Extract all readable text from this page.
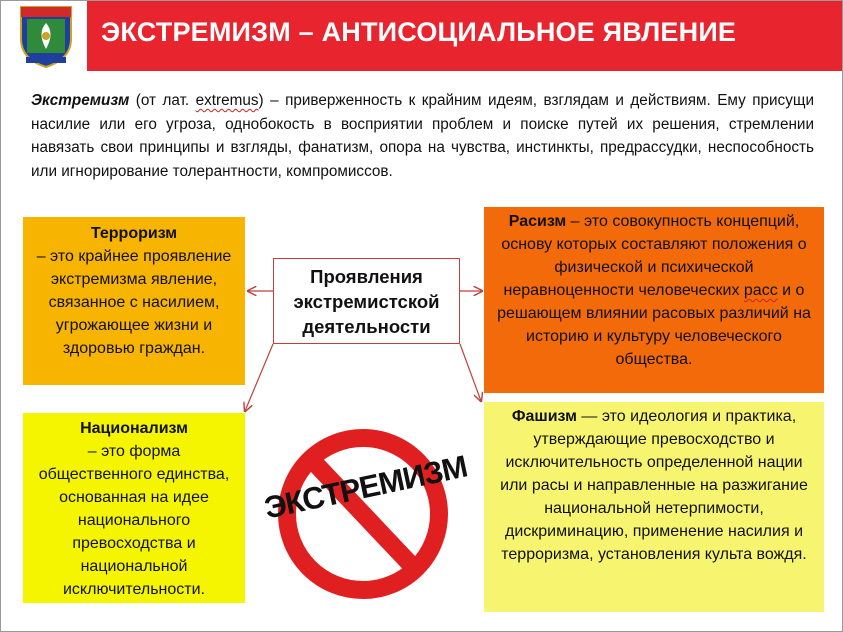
ЭКСТРЕМИЗМ – АНТИСОЦИАЛЬНОЕ ЯВЛЕНИЕ
Экстремизм (от лат. extremus) – приверженность к крайним идеям, взглядам и действиям. Ему присущи насилие или его угроза, однобокость в восприятии проблем и поиске путей их решения, стремлении навязать свои принципы и взгляды, фанатизм, опора на чувства, инстинкты, предрассудки, неспособность или игнорирование толерантности, компромиссов.
Терроризм
– это крайнее проявление экстремизма явление, связанное с насилием, угрожающее жизни и здоровью граждан.
Национализм
– это форма общественного единства, основанная на идее национального превосходства и национальной исключительности.
Расизм – это совокупность концепций, основу которых составляют положения о физической и психической неравноценности человеческих расс и о решающем влиянии расовых различий на историю и культуру человеческого общества.
Фашизм — это идеология и практика, утверждающие превосходство и исключительность определенной нации или расы и направленные на разжигание национальной нетерпимости, дискриминацию, применение насилия и терроризма, установления культа вождя.
Проявления
экстремистской
деятельности
ЭКСТРЕМИЗМ
